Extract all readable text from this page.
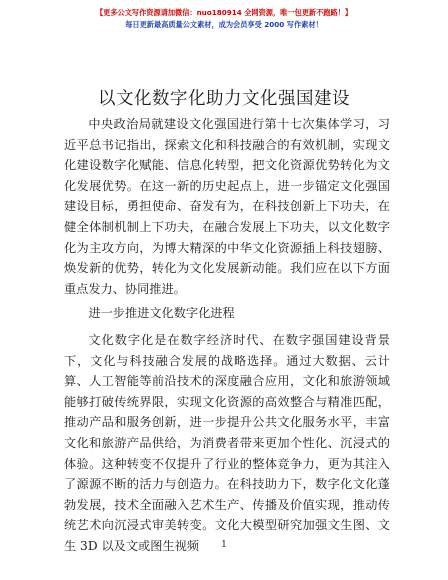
【更多公文写作资源请加微信：nuo180914 全网资源，唯一包更新不跑路！】
每日更新最高质量公文素材，成为会员享受 2000 写作素材！
以文化数字化助力文化强国建设

中央政治局就建设文化强国进行第十七次集体学习，习近平总书记指出，探索文化和科技融合的有效机制，实现文化建设数字化赋能、信息化转型，把文化资源优势转化为文化发展优势。在这一新的历史起点上，进一步锚定文化强国建设目标，勇担使命、奋发有为，在科技创新上下功夫，在健全体制机制上下功夫，在融合发展上下功夫，以文化数字化为主攻方向，为博大精深的中华文化资源插上科技翅膀、焕发新的优势，转化为文化发展新动能。我们应在以下方面重点发力、协同推进。

进一步推进文化数字化进程

文化数字化是在数字经济时代、在数字强国建设背景下，文化与科技融合发展的战略选择。通过大数据、云计算、人工智能等前沿技术的深度融合应用，文化和旅游领域能够打破传统界限，实现文化资源的高效整合与精准匹配，推动产品和服务创新，进一步提升公共文化服务水平，丰富文化和旅游产品供给，为消费者带来更加个性化、沉浸式的体验。这种转变不仅提升了行业的整体竞争力，更为其注入了源源不断的活力与创造力。在科技助力下，数字化文化蓬勃发展，技术全面融入艺术生产、传播及价值实现，推动传统艺术向沉浸式审美转变。文化大模型研究加强文生图、文生 3D 以及文或图生视频	1
